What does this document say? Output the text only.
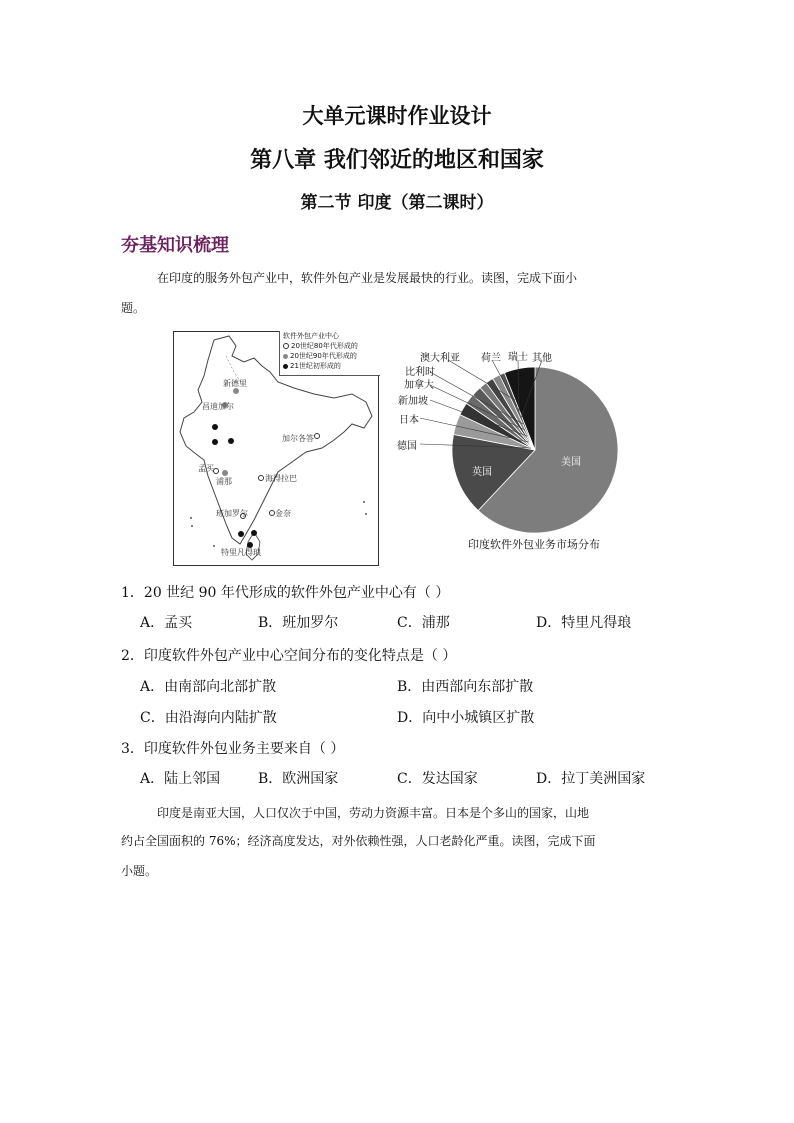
大单元课时作业设计
第八章 我们邻近的地区和国家
第二节 印度（第二课时）
夯基知识梳理
在印度的服务外包产业中，软件外包产业是发展最快的行业。读图，完成下面小
题。
软件外包产业中心
20世纪80年代形成的
20世纪90年代形成的
21世纪初形成的
新德里
昌迪加尔
加尔各答
孟买
浦那	海得拉巴
班加罗尔	金奈
特里凡得琅
美国
英国
澳大利亚 荷兰 瑞士 其他
比利时
加拿大
新加坡
日本
德国
印度软件外包业务市场分布
1．20 世纪 90 年代形成的软件外包产业中心有（ ）
A．孟买	B．班加罗尔	C．浦那	D．特里凡得琅
2．印度软件外包产业中心空间分布的变化特点是（ ）
A．由南部向北部扩散	B．由西部向东部扩散
C．由沿海向内陆扩散	D．向中小城镇区扩散
3．印度软件外包业务主要来自（ ）
A．陆上邻国	B．欧洲国家	C．发达国家	D．拉丁美洲国家
印度是南亚大国，人口仅次于中国，劳动力资源丰富。日本是个多山的国家，山地
约占全国面积的 76%；经济高度发达，对外依赖性强，人口老龄化严重。读图，完成下面
小题。
